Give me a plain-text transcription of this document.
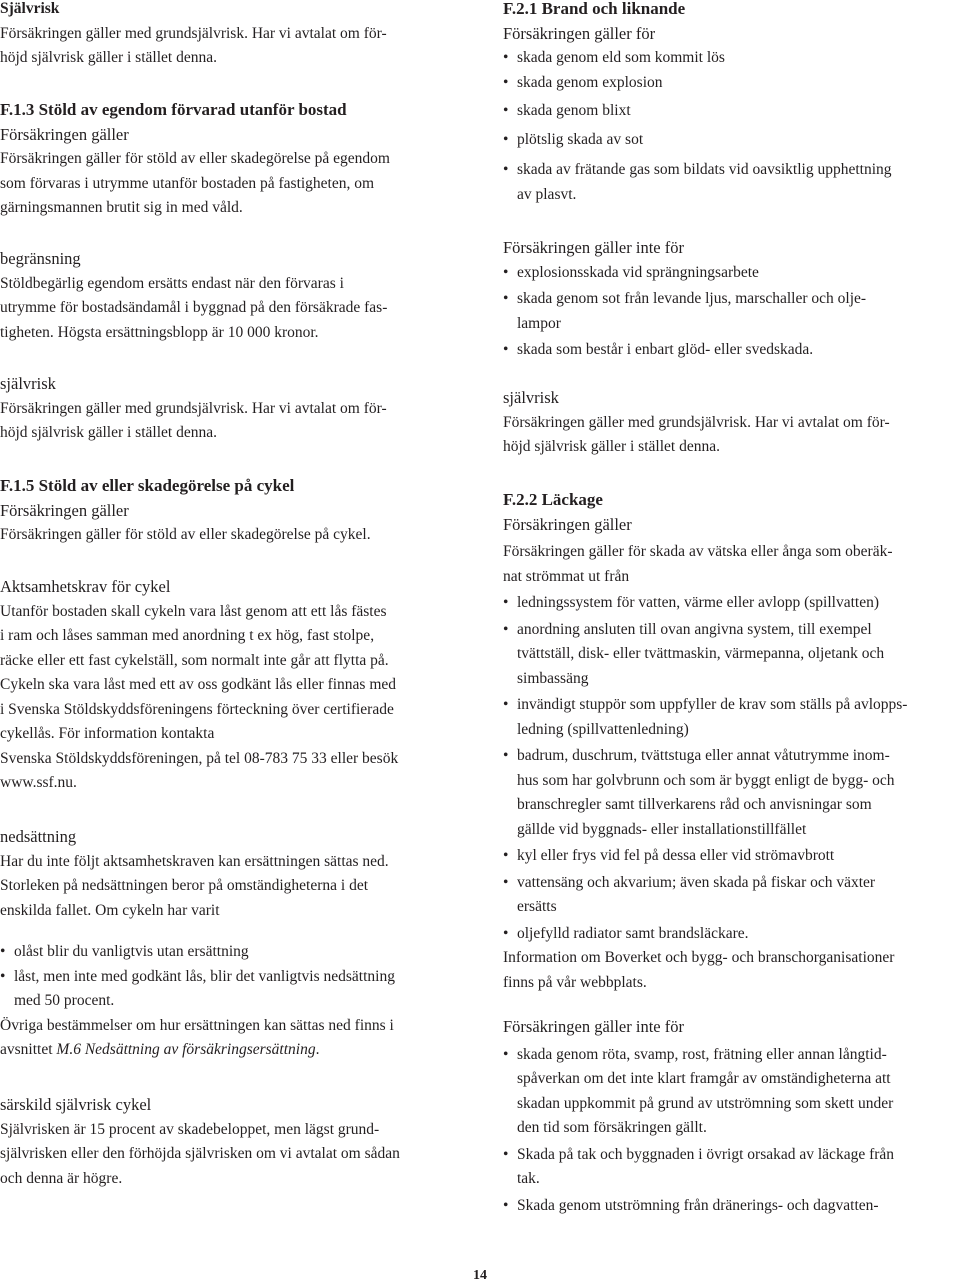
Självrisk
Försäkringen gäller med grundsjälvrisk. Har vi avtalat om för-
höjd självrisk gäller i stället denna.
F.1.3 Stöld av egendom förvarad utanför bostad
Försäkringen gäller
Försäkringen gäller för stöld av eller skadegörelse på egendom
som förvaras i utrymme utanför bostaden på fastigheten, om
gärningsmannen brutit sig in med våld.
begränsning
Stöldbegärlig egendom ersätts endast när den förvaras i
utrymme för bostadsändamål i byggnad på den försäkrade fas-
tigheten. Högsta ersättningsblopp är 10 000 kronor.
självrisk
Försäkringen gäller med grundsjälvrisk. Har vi avtalat om för-
höjd självrisk gäller i stället denna.
F.1.5 Stöld av eller skadegörelse på cykel
Försäkringen gäller
Försäkringen gäller för stöld av eller skadegörelse på cykel.
Aktsamhetskrav för cykel
Utanför bostaden skall cykeln vara låst genom att ett lås fästes
i ram och låses samman med anordning t ex hög, fast stolpe,
räcke eller ett fast cykelställ, som normalt inte går att flytta på.
Cykeln ska vara låst med ett av oss godkänt lås eller finnas med
i Svenska Stöldskyddsföreningens förteckning över certifierade
cykellås. För information kontakta
Svenska Stöldskyddsföreningen, på tel 08-783 75 33 eller besök
www.ssf.nu.
nedsättning
Har du inte följt aktsamhetskraven kan ersättningen sättas ned.
Storleken på nedsättningen beror på omständigheterna i det
enskilda fallet. Om cykeln har varit
• olåst blir du vanligtvis utan ersättning
• låst, men inte med godkänt lås, blir det vanligtvis nedsättning
med 50 procent.
Övriga bestämmelser om hur ersättningen kan sättas ned finns i
avsnittet M.6 Nedsättning av försäkringsersättning.
särskild självrisk cykel
Självrisken är 15 procent av skadebeloppet, men lägst grund-
självrisken eller den förhöjda självrisken om vi avtalat om sådan
och denna är högre.
F.2.1 Brand och liknande
Försäkringen gäller för
• skada genom eld som kommit lös
• skada genom explosion
• skada genom blixt
• plötslig skada av sot
• skada av frätande gas som bildats vid oavsiktlig upphettning
av plasvt.
Försäkringen gäller inte för
• explosionsskada vid sprängningsarbete
• skada genom sot från levande ljus, marschaller och olje-
lampor
• skada som består i enbart glöd- eller svedskada.
självrisk
Försäkringen gäller med grundsjälvrisk. Har vi avtalat om för-
höjd självrisk gäller i stället denna.
F.2.2 Läckage
Försäkringen gäller
Försäkringen gäller för skada av vätska eller ånga som oberäk-
nat strömmat ut från
• ledningssystem för vatten, värme eller avlopp (spillvatten)
• anordning ansluten till ovan angivna system, till exempel
tvättställ, disk- eller tvättmaskin, värmepanna, oljetank och
simbassäng
• invändigt stupрör som uppfyller de krav som ställs på avlopps-
ledning (spillvattenledning)
• badrum, duschrum, tvättstuga eller annat våtutrymme inom-
hus som har golvbrunn och som är byggt enligt de bygg- och
branschregler samt tillverkarens råd och anvisningar som
gällde vid byggnads- eller installationstillfället
• kyl eller frys vid fel på dessa eller vid strömavbrott
• vattensäng och akvarium; även skada på fiskar och växter
ersätts
• oljefylld radiator samt brandsläckare.
Information om Boverket och bygg- och branschorganisationer
finns på vår webbplats.
Försäkringen gäller inte för
• skada genom röta, svamp, rost, frätning eller annan långtid-
spåverkan om det inte klart framgår av omständigheterna att
skadan uppkommit på grund av utströmning som skett under
den tid som försäkringen gällt.
• Skada på tak och byggnaden i övrigt orsakad av läckage från
tak.
• Skada genom utströmning från dränerings- och dagvatten-
14
